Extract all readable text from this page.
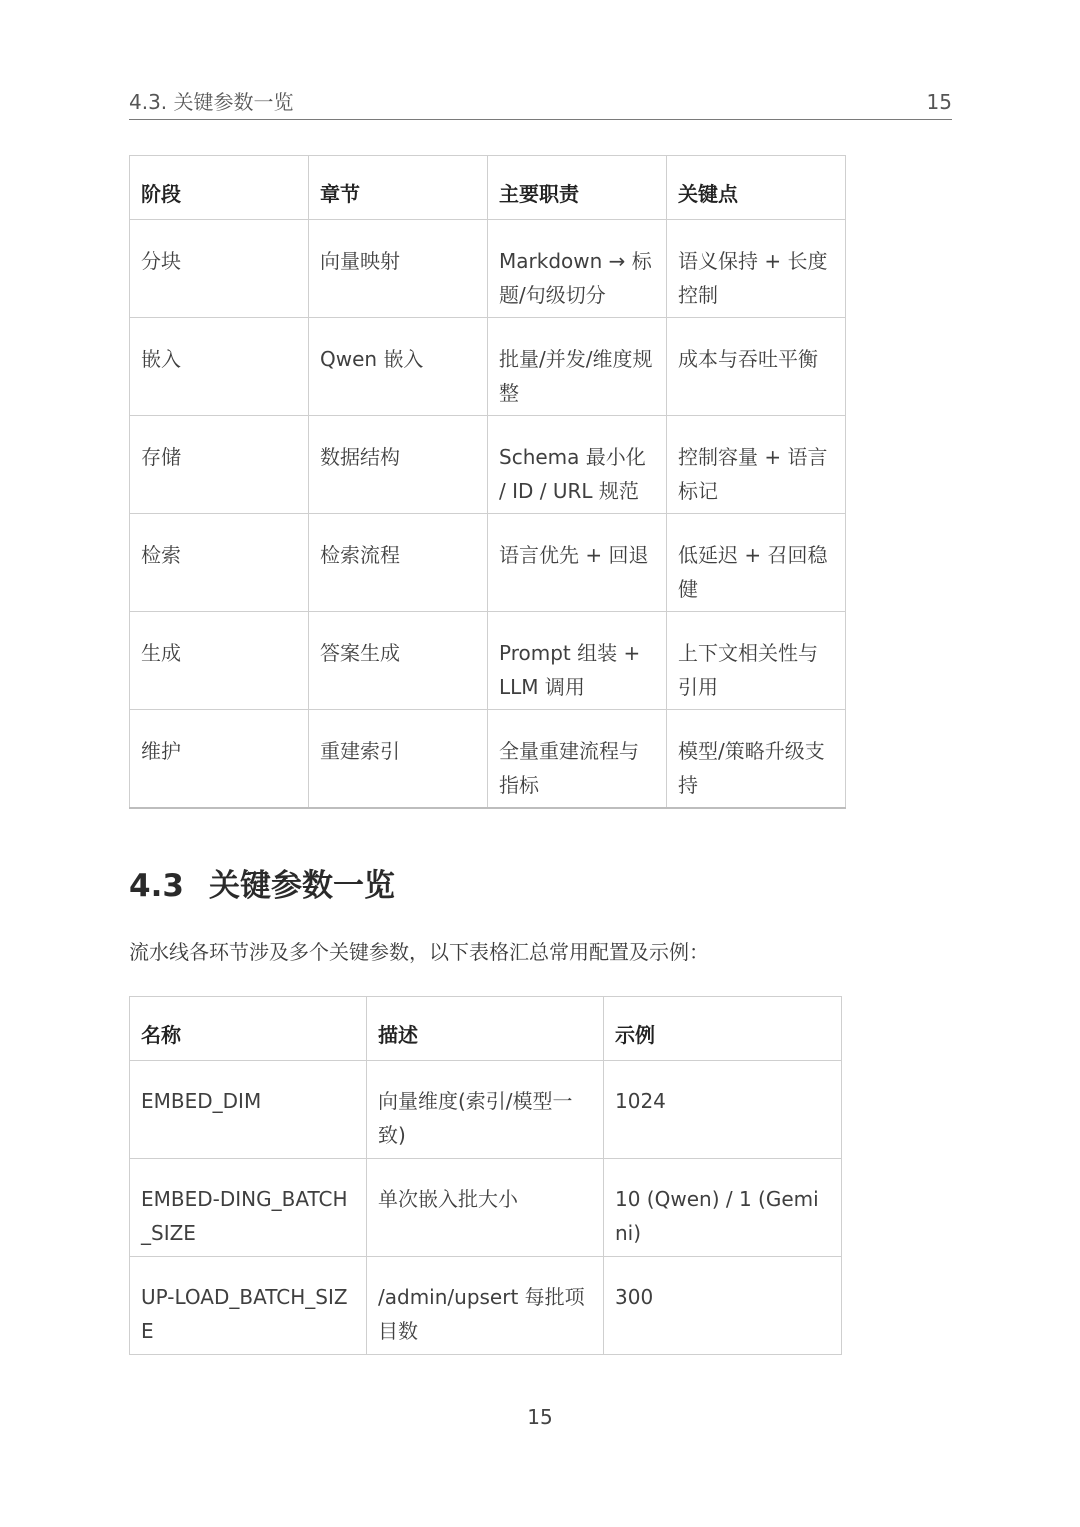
4.3. 关键参数一览	15
阶段	章节	主要职责	关键点
分块	向量映射	Markdown → 标题/句级切分	语义保持 + 长度控制
嵌入	Qwen 嵌入	批量/并发/维度规整	成本与吞吐平衡
存储	数据结构	Schema 最小化 / ID / URL 规范	控制容量 + 语言标记
检索	检索流程	语言优先 + 回退	低延迟 + 召回稳健
生成	答案生成	Prompt 组装 + LLM 调用	上下文相关性与引用
维护	重建索引	全量重建流程与指标	模型/策略升级支持
4.3 关键参数一览

流水线各环节涉及多个关键参数，以下表格汇总常用配置及示例：

名称	描述	示例
EMBED_DIM	向量维度(索引/模型一致)	1024
EMBED-DING_BATCH_SIZE	单次嵌入批大小	10 (Qwen) / 1 (Gemini)
UP-LOAD_BATCH_SIZE	/admin/upsert 每批项目数	300
15
